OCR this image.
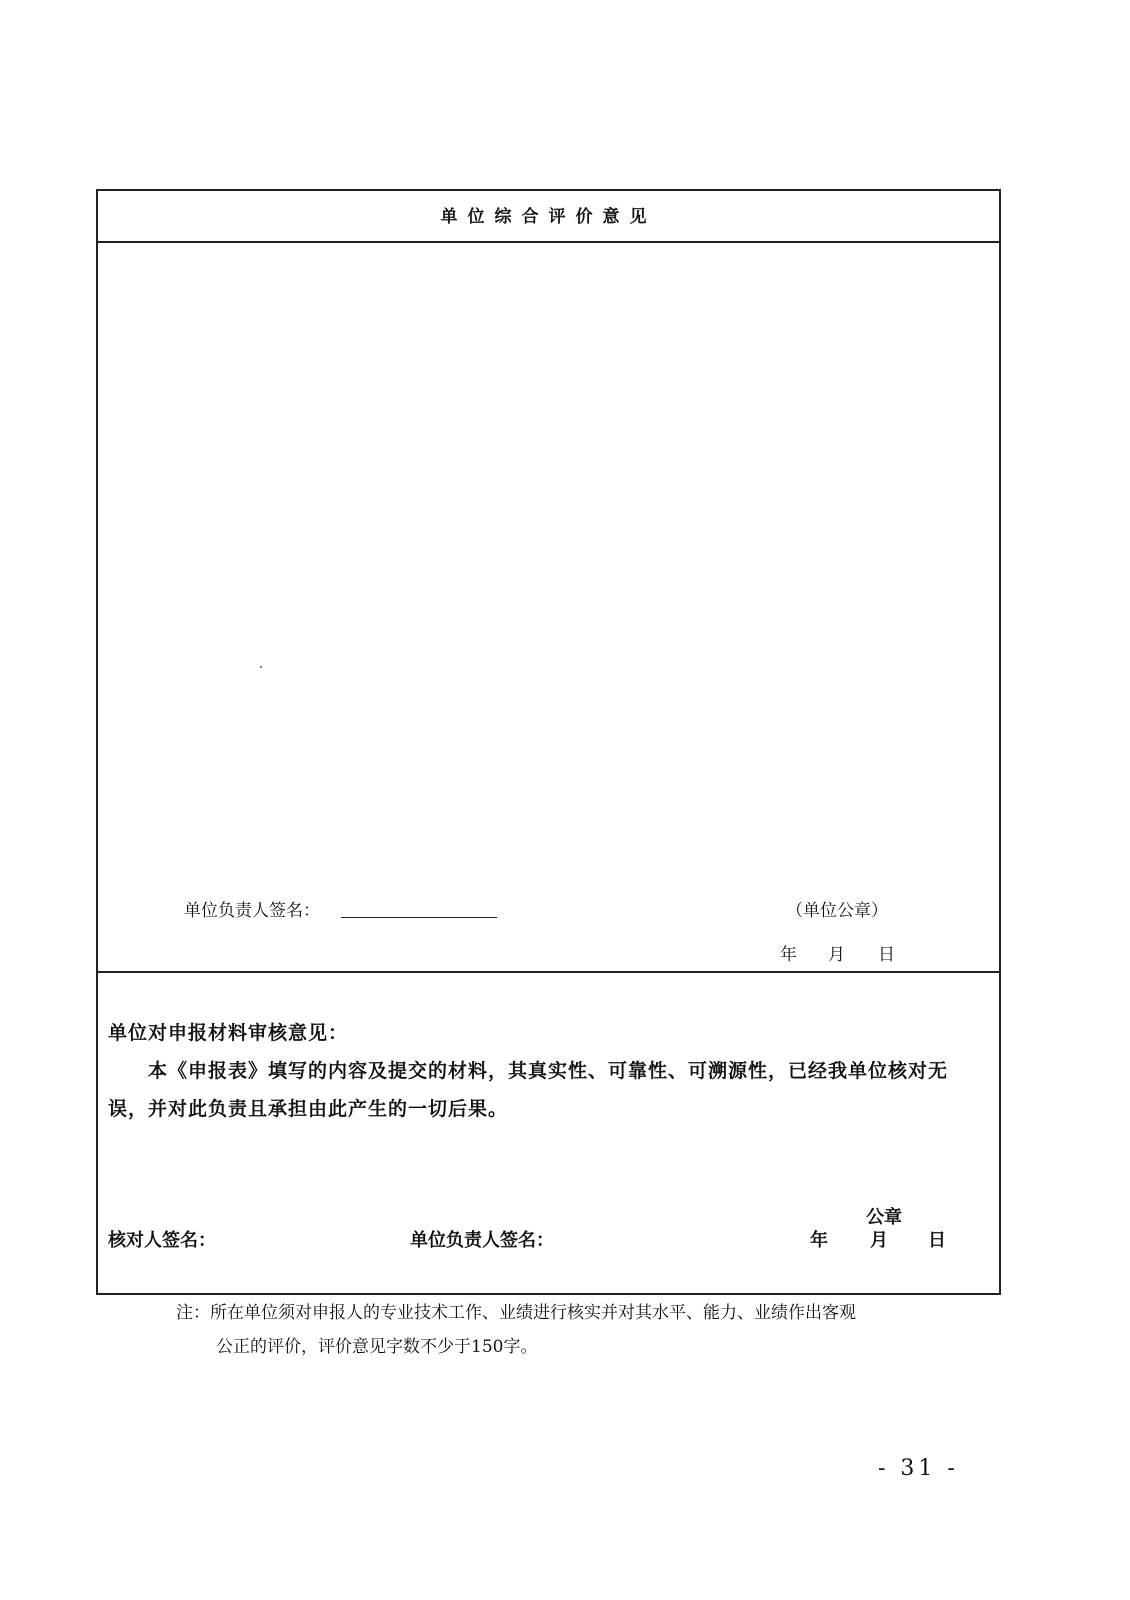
单位综合评价意见
单位负责人签名：	（单位公章）
年 月 日
单位对申报材料审核意见：
本《申报表》填写的内容及提交的材料，其真实性、可靠性、可溯源性，已经我单位核对无误，并对此负责且承担由此产生的一切后果。
核对人签名：	单位负责人签名：
公章
年 月 日
注：所在单位须对申报人的专业技术工作、业绩进行核实并对其水平、能力、业绩作出客观
公正的评价，评价意见字数不少于150字。
- 31 -
